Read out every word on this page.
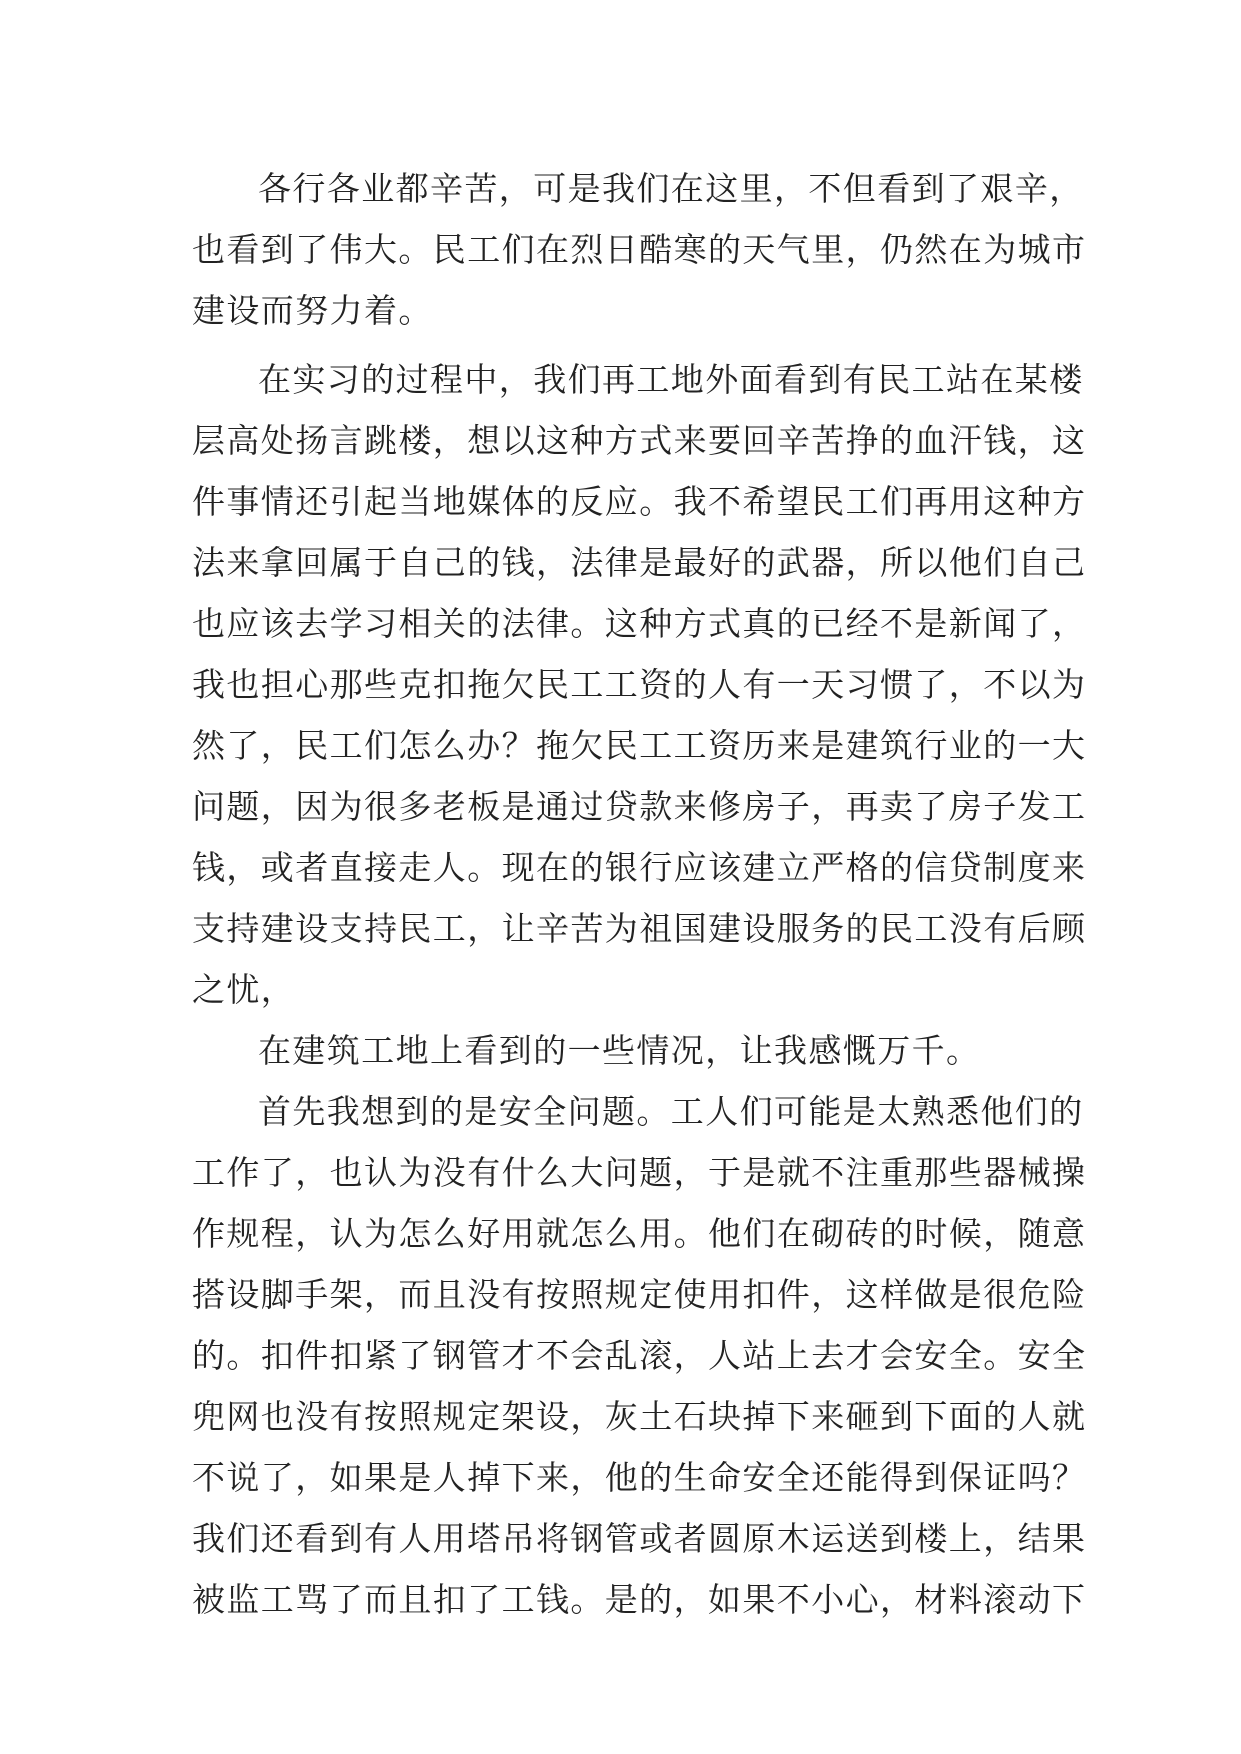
各行各业都辛苦，可是我们在这里，不但看到了艰辛，
也看到了伟大。民工们在烈日酷寒的天气里，仍然在为城市
建设而努力着。
在实习的过程中，我们再工地外面看到有民工站在某楼
层高处扬言跳楼，想以这种方式来要回辛苦挣的血汗钱，这
件事情还引起当地媒体的反应。我不希望民工们再用这种方
法来拿回属于自己的钱，法律是最好的武器，所以他们自己
也应该去学习相关的法律。这种方式真的已经不是新闻了，
我也担心那些克扣拖欠民工工资的人有一天习惯了，不以为
然了，民工们怎么办？拖欠民工工资历来是建筑行业的一大
问题，因为很多老板是通过贷款来修房子，再卖了房子发工
钱，或者直接走人。现在的银行应该建立严格的信贷制度来
支持建设支持民工，让辛苦为祖国建设服务的民工没有后顾
之忧，
在建筑工地上看到的一些情况，让我感慨万千。
首先我想到的是安全问题。工人们可能是太熟悉他们的
工作了，也认为没有什么大问题，于是就不注重那些器械操
作规程，认为怎么好用就怎么用。他们在砌砖的时候，随意
搭设脚手架，而且没有按照规定使用扣件，这样做是很危险
的。扣件扣紧了钢管才不会乱滚，人站上去才会安全。安全
兜网也没有按照规定架设，灰土石块掉下来砸到下面的人就
不说了，如果是人掉下来，他的生命安全还能得到保证吗？
我们还看到有人用塔吊将钢管或者圆原木运送到楼上，结果
被监工骂了而且扣了工钱。是的，如果不小心，材料滚动下
